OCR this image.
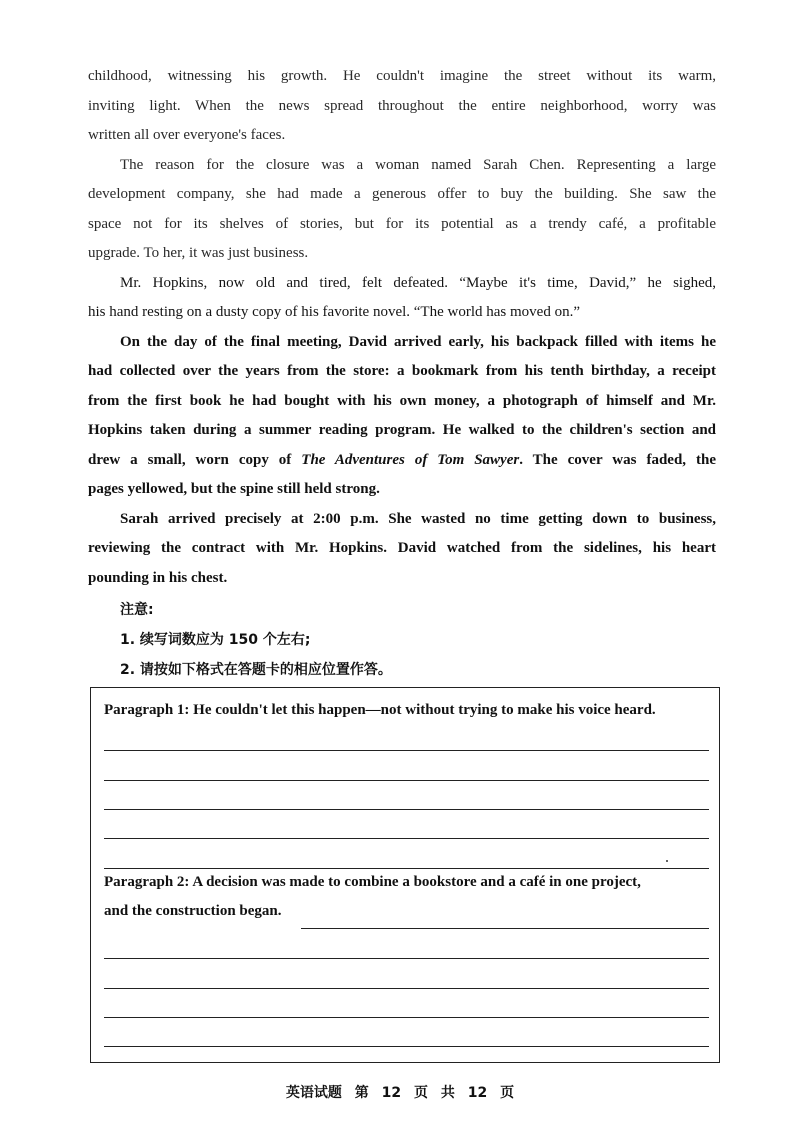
childhood, witnessing his growth. He couldn't imagine the street without its warm,

inviting light. When the news spread throughout the entire neighborhood, worry was

written all over everyone's faces.

The reason for the closure was a woman named Sarah Chen. Representing a large

development company, she had made a generous offer to buy the building. She saw the

space not for its shelves of stories, but for its potential as a trendy café, a profitable

upgrade. To her, it was just business.

Mr. Hopkins, now old and tired, felt defeated. “Maybe it's time, David,” he sighed,

his hand resting on a dusty copy of his favorite novel. “The world has moved on.”

On the day of the final meeting, David arrived early, his backpack filled with items he

had collected over the years from the store: a bookmark from his tenth birthday, a receipt

from the first book he had bought with his own money, a photograph of himself and Mr.

Hopkins taken during a summer reading program. He walked to the children's section and

drew a small, worn copy of The Adventures of Tom Sawyer. The cover was faded, the

pages yellowed, but the spine still held strong.

Sarah arrived precisely at 2:00 p.m. She wasted no time getting down to business,

reviewing the contract with Mr. Hopkins. David watched from the sidelines, his heart

pounding in his chest.

注意:
1. 续写词数应为 150 个左右;
2. 请按如下格式在答题卡的相应位置作答。
Paragraph 1: He couldn't let this happen—not without trying to make his voice heard.
Paragraph 2: A decision was made to combine a bookstore and a café in one project,
and the construction began.
英语试题 第 12 页 共 12 页
